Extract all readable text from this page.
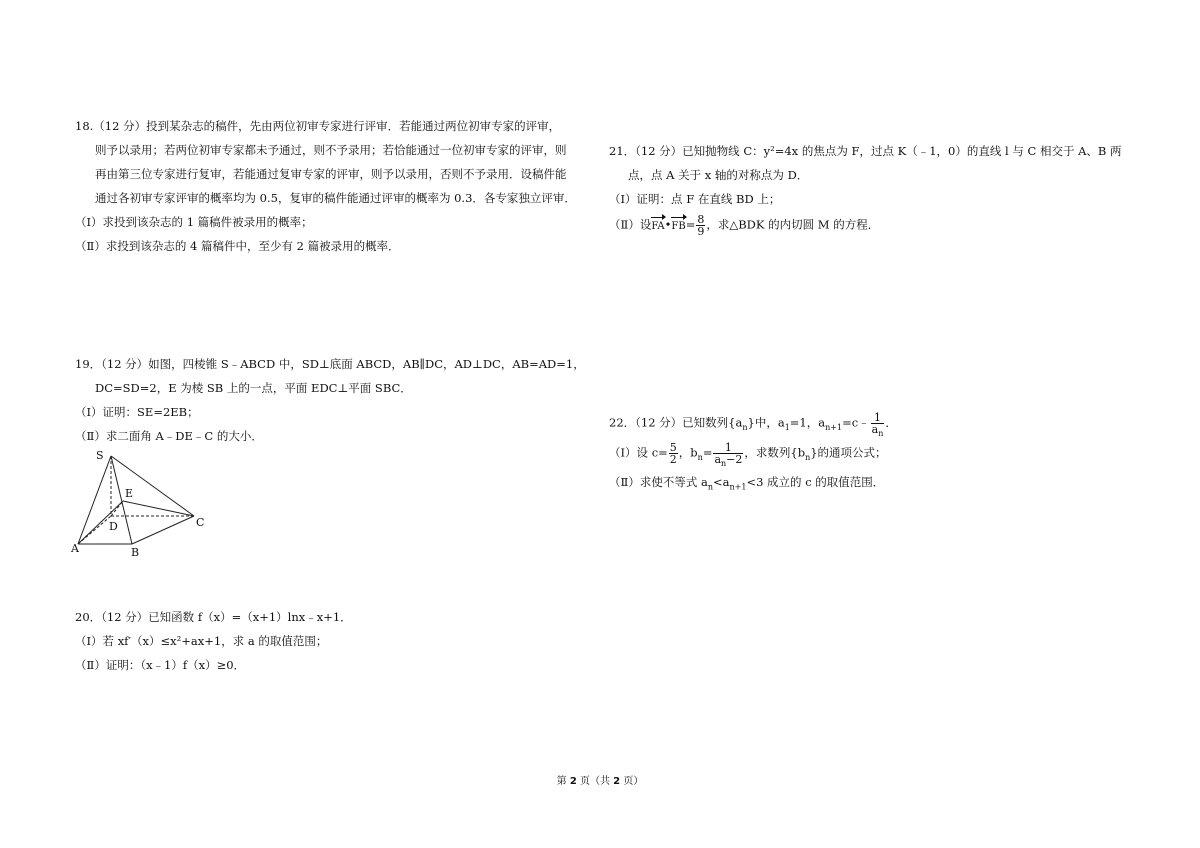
18.（12 分）投到某杂志的稿件，先由两位初审专家进行评审．若能通过两位初审专家的评审，
则予以录用；若两位初审专家都未予通过，则不予录用；若恰能通过一位初审专家的评审，则
再由第三位专家进行复审，若能通过复审专家的评审，则予以录用，否则不予录用．设稿件能
通过各初审专家评审的概率均为 0.5，复审的稿件能通过评审的概率为 0.3．各专家独立评审．
（Ⅰ）求投到该杂志的 1 篇稿件被录用的概率；
（Ⅱ）求投到该杂志的 4 篇稿件中，至少有 2 篇被录用的概率．
19．（12 分）如图，四棱锥 S﹣ABCD 中，SD⊥底面 ABCD，AB∥DC，AD⊥DC，AB=AD=1，
DC=SD=2，E 为棱 SB 上的一点，平面 EDC⊥平面 SBC．
（Ⅰ）证明：SE=2EB；
（Ⅱ）求二面角 A﹣DE﹣C 的大小．
S
E
D	C
A	B
20．（12 分）已知函数 f（x）=（x+1）lnx﹣x+1．
（Ⅰ）若 xf′（x）≤x²+ax+1，求 a 的取值范围；
（Ⅱ）证明：（x﹣1）f（x）≥0．
21．（12 分）已知抛物线 C：y²=4x 的焦点为 F，过点 K（﹣1，0）的直线 l 与 C 相交于 A、B 两
点，点 A 关于 x 轴的对称点为 D．
（Ⅰ）证明：点 F 在直线 BD 上；
（Ⅱ）设FA•FB= $\frac{8}{9}$ ，求△BDK 的内切圆 M 的方程．
22．（12 分）已知数列$\{a_n\}$中，$a_1=1$，$a_{n+1}=c﹣ \frac{1}{a_n}$ ．
（Ⅰ）设 $c= \frac{5}{2}$ ，$b_n= \frac{1}{a_n-2}$ ，求数列$\{b_n\}$的通项公式；
（Ⅱ）求使不等式 $a_n<a_{n+1}<3$ 成立的 c 的取值范围．
第 2 页（共 2 页）
